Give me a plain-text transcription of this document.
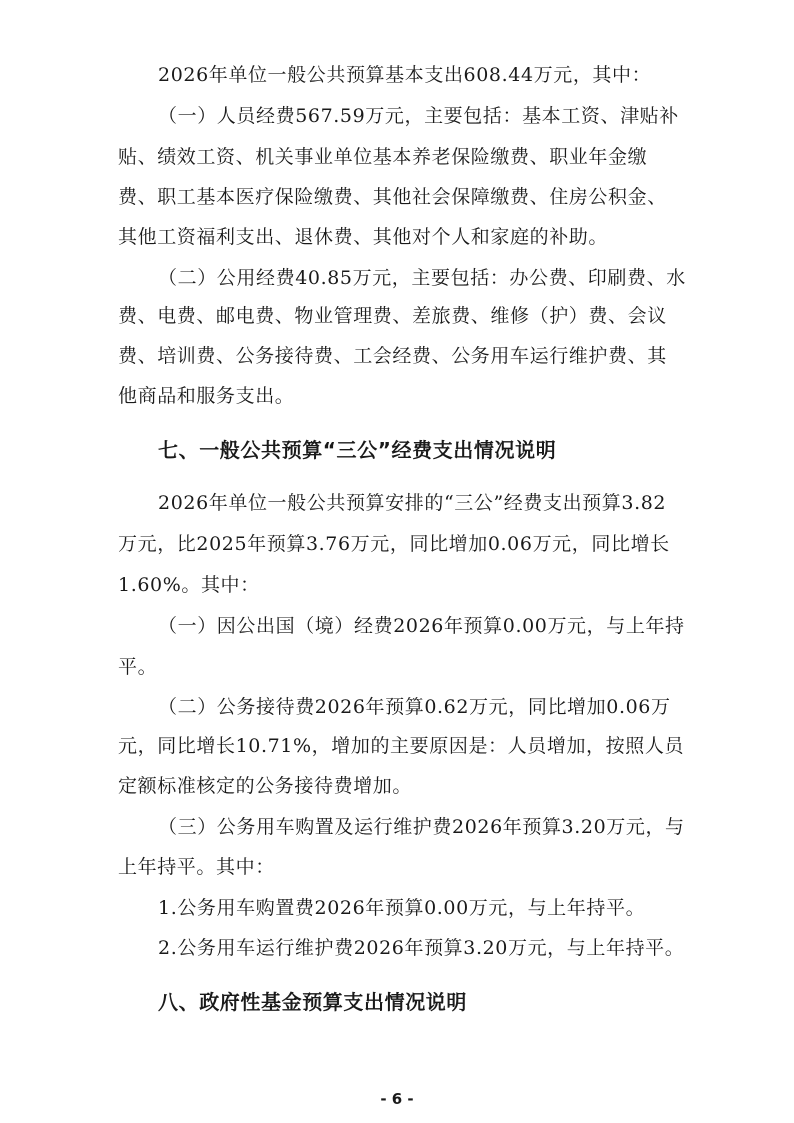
2026年单位一般公共预算基本支出608.44万元，其中：
（一）人员经费567.59万元，主要包括：基本工资、津贴补
贴、绩效工资、机关事业单位基本养老保险缴费、职业年金缴
费、职工基本医疗保险缴费、其他社会保障缴费、住房公积金、
其他工资福利支出、退休费、其他对个人和家庭的补助。
（二）公用经费40.85万元，主要包括：办公费、印刷费、水
费、电费、邮电费、物业管理费、差旅费、维修（护）费、会议
费、培训费、公务接待费、工会经费、公务用车运行维护费、其
他商品和服务支出。
七、一般公共预算“三公”经费支出情况说明
2026年单位一般公共预算安排的“三公”经费支出预算3.82
万元，比2025年预算3.76万元，同比增加0.06万元，同比增长
1.60%。其中：
（一）因公出国（境）经费2026年预算0.00万元，与上年持
平。
（二）公务接待费2026年预算0.62万元，同比增加0.06万
元，同比增长10.71%，增加的主要原因是：人员增加，按照人员
定额标准核定的公务接待费增加。
（三）公务用车购置及运行维护费2026年预算3.20万元，与
上年持平。其中：
1.公务用车购置费2026年预算0.00万元，与上年持平。
2.公务用车运行维护费2026年预算3.20万元，与上年持平。
八、政府性基金预算支出情况说明
- 6 -
